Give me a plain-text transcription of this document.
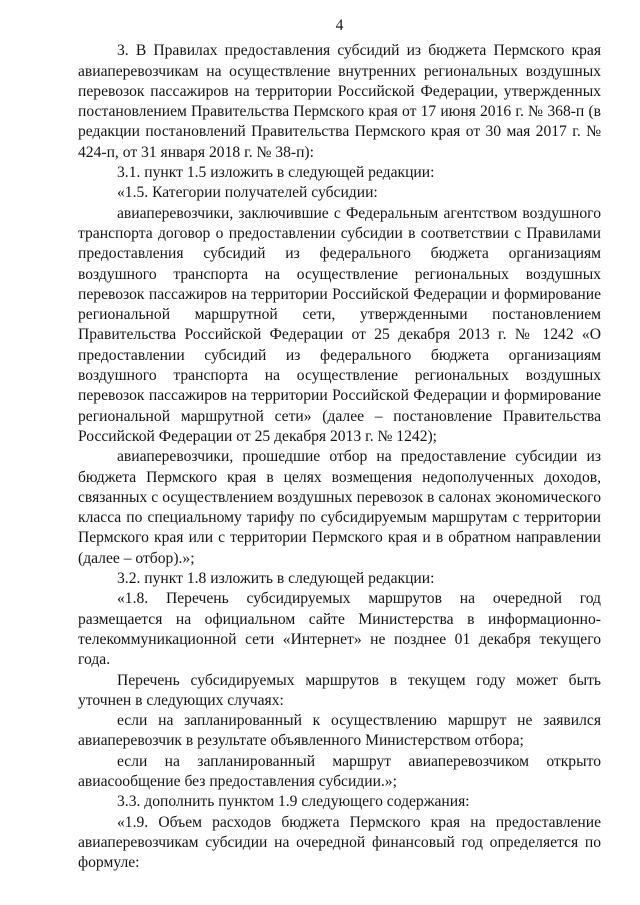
4

3. В Правилах предоставления субсидий из бюджета Пермского края авиаперевозчикам на осуществление внутренних региональных воздушных перевозок пассажиров на территории Российской Федерации, утвержденных постановлением Правительства Пермского края от 17 июня 2016 г. № 368-п (в редакции постановлений Правительства Пермского края от 30 мая 2017 г. № 424-п, от 31 января 2018 г. № 38-п):

3.1. пункт 1.5 изложить в следующей редакции:

«1.5. Категории получателей субсидии:

авиаперевозчики, заключившие с Федеральным агентством воздушного транспорта договор о предоставлении субсидии в соответствии с Правилами предоставления субсидий из федерального бюджета организациям воздушного транспорта на осуществление региональных воздушных перевозок пассажиров на территории Российской Федерации и формирование региональной маршрутной сети, утвержденными постановлением Правительства Российской Федерации от 25 декабря 2013 г. № 1242 «О предоставлении субсидий из федерального бюджета организациям воздушного транспорта на осуществление региональных воздушных перевозок пассажиров на территории Российской Федерации и формирование региональной маршрутной сети» (далее – постановление Правительства Российской Федерации от 25 декабря 2013 г. № 1242);

авиаперевозчики, прошедшие отбор на предоставление субсидии из бюджета Пермского края в целях возмещения недополученных доходов, связанных с осуществлением воздушных перевозок в салонах экономического класса по специальному тарифу по субсидируемым маршрутам с территории Пермского края или с территории Пермского края и в обратном направлении (далее – отбор).»;

3.2. пункт 1.8 изложить в следующей редакции:

«1.8. Перечень субсидируемых маршрутов на очередной год размещается на официальном сайте Министерства в информационно-телекоммуникационной сети «Интернет» не позднее 01 декабря текущего года.

Перечень субсидируемых маршрутов в текущем году может быть уточнен в следующих случаях:

если на запланированный к осуществлению маршрут не заявился авиаперевозчик в результате объявленного Министерством отбора;

если на запланированный маршрут авиаперевозчиком открыто авиасообщение без предоставления субсидии.»;

3.3. дополнить пунктом 1.9 следующего содержания:

«1.9. Объем расходов бюджета Пермского края на предоставление авиаперевозчикам субсидии на очередной финансовый год определяется по формуле:
